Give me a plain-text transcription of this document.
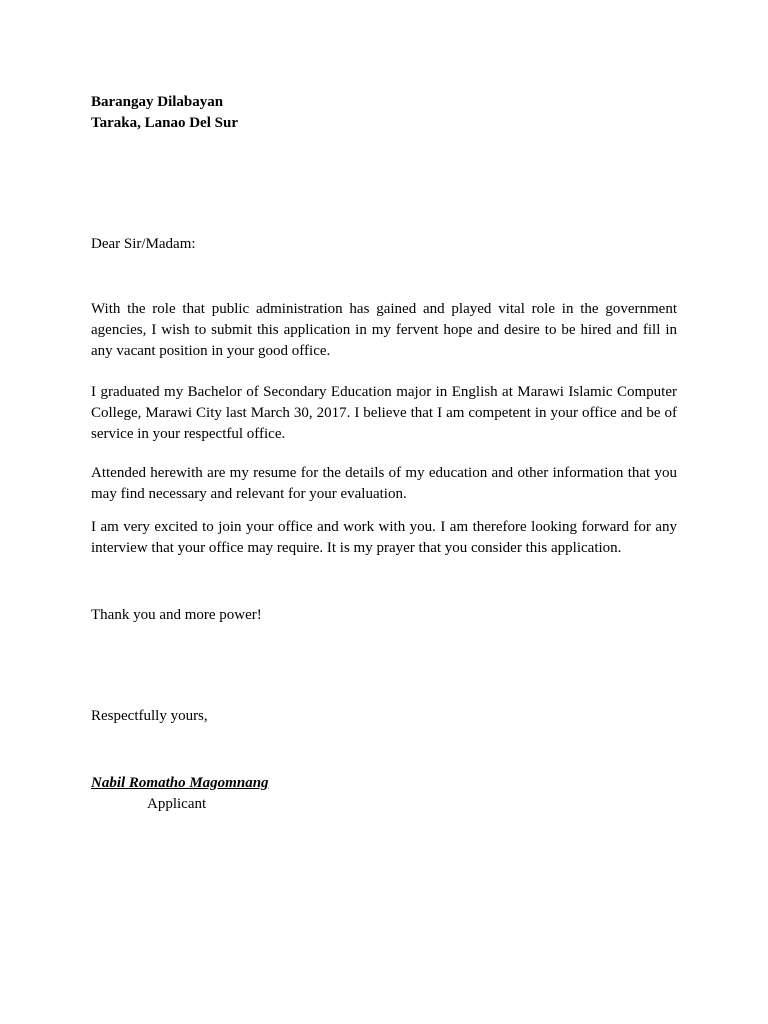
Barangay Dilabayan
Taraka, Lanao Del Sur

Dear Sir/Madam:

With the role that public administration has gained and played vital role in the government agencies, I wish to submit this application in my fervent hope and desire to be hired and fill in any vacant position in your good office.

I graduated my Bachelor of Secondary Education major in English at Marawi Islamic Computer College, Marawi City last March 30, 2017. I believe that I am competent in your office and be of service in your respectful office.

Attended herewith are my resume for the details of my education and other information that you may find necessary and relevant for your evaluation.

I am very excited to join your office and work with you. I am therefore looking forward for any interview that your office may require. It is my prayer that you consider this application.

Thank you and more power!

Respectfully yours,

Nabil Romatho Magomnang

Applicant
